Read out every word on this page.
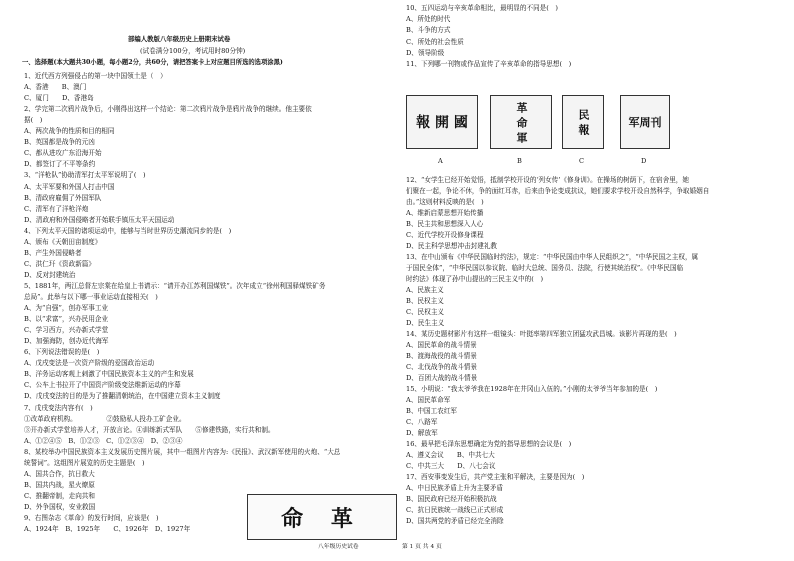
部编人教版八年级历史上册期末试卷
(试卷满分100分，考试用时80分钟)
一、选择题(本大题共30小题，每小题2分，共60分，请把答案卡上对应题目所选的选项涂黑)
1、近代西方列强侵占的第一块中国领土是（　）
A、香港　　B、澳门
C、厦门　　D、香港岛
2、学完第二次鸦片战争后，小刚得出这样一个结论：第二次鸦片战争是鸦片战争的继续。他主要依
据(　)
A、两次战争的性质和目的相同
B、英国都是战争的元凶
C、都从进攻广东沿海开始
D、都签订了不平等条约
3、“洋枪队”协助清军打太平军说明了(　)
A、太平军要和外国人打击中国
B、清政府雇佣了外国军队
C、清军有了洋枪洋炮
D、清政府和外国侵略者开始联手镇压太平天国运动
4、下列太平天国的诸项运动中，能够与当时世界历史潮流同步的是(　)
A、颁布《天朝田亩制度》
B、产生外国侵略者
C、洪仁玕《资政新篇》
D、反对封建统治
5、1881年，两江总督左宗棠在给皇上书请示：“请开办江苏利国煤铁”。次年成立“徐州利国驿煤铁矿务
总局”。此举与以下哪一事业运动直接相关(　)
A、为“自强”，创办军事工业
B、以“求富”，兴办民用企业
C、学习西方，兴办新式学堂
D、加强海防，创办近代海军
6、下列说法错误的是(　)
A、戊戌变法是一次资产阶级的爱国政治运动
B、洋务运动客观上刺激了中国民族资本主义的产生和发展
C、公车上书拉开了中国资产阶级变法维新运动的序幕
D、戊戌变法的目的是为了推翻清朝统治，在中国建立资本主义制度
7、戊戌变法内容有(　)
①改革政府机构。　　　　　②鼓励私人投办工矿企业。
③开办新式学堂培养人才，开放言论。④训练新式军队　　⑤修建铁路，实行共和制。
A、①②④⑤　B、①②③　C、①②③④　D、②③④
8、某校举办中国民族资本主义发展历史图片展，其中一组图片内容为:《民报》、武汉新军使用的火炮、“大总
统誓词”。这组图片展览的历史主题是(　)
A、国共合作，抗日救大
B、国共内战，星火燎原
C、推翻帝制，走向共和
D、外争国权，安业救国
9、右图杂志《革命》的发行时间，应该是(　)
A、1924年　B、1925年　　C、1926年　D、1927年	命 革
八年级历史试卷
10、五四运动与辛亥革命相比，最明显的不同是(　)
A、所处的时代
B、斗争的方式
C、所处的社会性质
D、领导阶级
11、下列哪一刊物或作品宣传了辛亥革命的指导思想(　)
報 開 國
A
革 命 軍
B
民 報
C
军周刊
D
12、“女学生已经开始觉悟，抵制学校开设的‘列女传’《修身训》。在操场的树荫下，在宿舍里，她
们聚在一起，争论不休，争的面红耳赤，后来由争论变成抗议，她们要求学校开设自然科学，争取婚姻自
由。”这则材料反映的是(　)
A、维新启蒙思想开始传播
B、民主共和思想深入人心
C、近代学校开设修身课程
D、民主科学思想冲击封建礼教
13、在中山颁布《中华民国临时约法》，规定：“中华民国由中华人民组织之”，“中华民国之主权，属
于国民全体”，“中华民国以参议院、临时大总统、国务员、法院，行使其统治权”。《中华民国临
时约法》体现了孙中山提出的三民主义中的(　)
A、民族主义
B、民权主义
C、民权主义
D、民生主义
14、某历史题材影片有这样一组镜头：叶挺率第四军独立团猛攻武昌城。该影片再现的是(　)
A、国民革命的战斗情景
B、渡海战役的战斗情景
C、北伐战争的战斗情景
D、百团大战的战斗情景
15、小明说：“我太爷爷我在1928年在井冈山入伍的。”小刚的太爷爷当年参加的是(　)
A、国民革命军
B、中国工农红军
C、八路军
D、解放军
16、最早把毛泽东思想确定为党的指导思想的会议是(　)
A、遵义会议　　B、中共七大
C、中共三大　　D、八七会议
17、西安事变发生后，共产党主张和平解决，主要是因为(　)
A、中日民族矛盾上升为主要矛盾
B、国民政府已经开始积极抗战
C、抗日民族统一战线已正式形成
D、国共两党的矛盾已经完全消除
第 1 页 共 4 页
